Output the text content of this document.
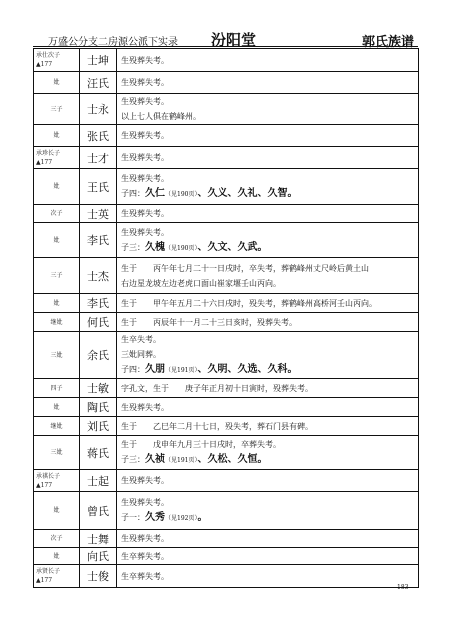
万盛公分支二房源公派下实录 汾阳堂	郭氏族谱
承仕次子
▲177	士坤	生殁葬失考。

妣	汪氏	生殁葬失考。

三子	士永	生殁葬失考。
以上七人俱在鹤峰州。

妣	张氏	生殁葬失考。

承珍长子
▲177	士才	生殁葬失考。

妣	王氏	生殁葬失考。
子四：久仁（见190页）、久义、久礼、久智。

次子	士英	生殁葬失考。

妣	李氏	生殁葬失考。
子三：久槐（见190页）、久文、久武。

三子	士杰	生于　　丙午年七月二十一日戌时，卒失考，葬鹤峰州丈尺岭后黄土山
右边星龙坡左边老虎口面山崔家堰壬山丙向。

妣	李氏	生于　　甲午年五月二十六日戌时，殁失考，葬鹤峰州高桥河壬山丙向。

继妣	何氏	生于　　丙辰年十一月二十三日亥时，殁葬失考。

三妣	余氏	生卒失考。
三妣同葬。
子四：久朋（见191页）、久明、久选、久科。

四子	士敏	字孔文，生于　　庚子年正月初十日寅时，殁葬失考。

妣	陶氏	生殁葬失考。

继妣	刘氏	生于　　乙巳年二月十七日，殁失考，葬石门县有碑。

三妣	蒋氏	生于　　戊申年九月三十日戌时，卒葬失考。
子三：久祯（见191页）、久松、久恒。

承祺长子
▲177	士起	生殁葬失考。

妣	曾氏	生殁葬失考。
子一：久秀（见192页）。

次子	士舞	生殁葬失考。

妣	向氏	生卒葬失考。

承贤长子
▲177	士俊	生卒葬失考。
183
